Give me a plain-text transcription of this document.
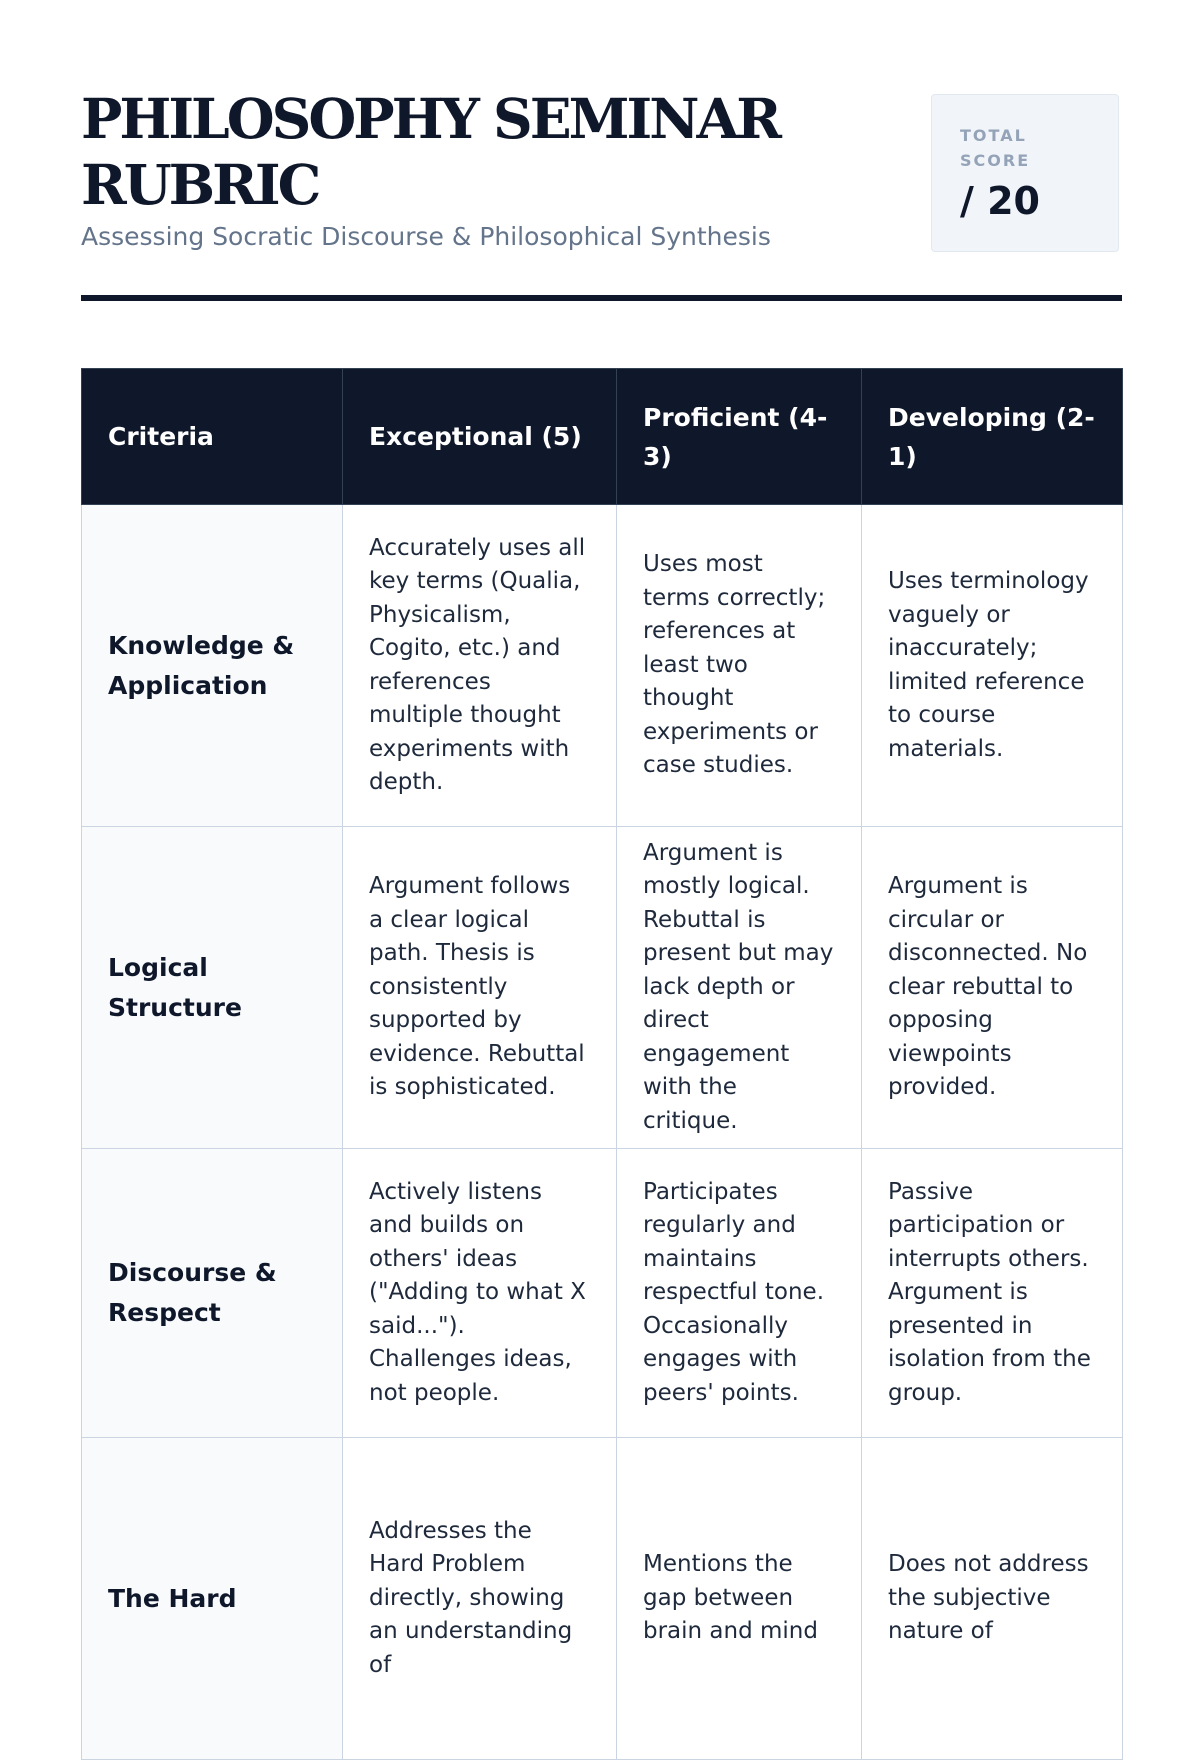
PHILOSOPHY SEMINAR RUBRIC

Assessing Socratic Discourse & Philosophical Synthesis

TOTAL SCORE
/ 20
Criteria	Exceptional (5)	Proficient (4-3)	Developing (2-1)
Knowledge & Application	Accurately uses all key terms (Qualia, Physicalism, Cogito, etc.) and references multiple thought experiments with depth.	Uses most terms correctly; references at least two thought experiments or case studies.	Uses terminology vaguely or inaccurately; limited reference to course materials.
Logical Structure	Argument follows a clear logical path. Thesis is consistently supported by evidence. Rebuttal is sophisticated.	Argument is mostly logical. Rebuttal is present but may lack depth or direct engagement with the critique.	Argument is circular or disconnected. No clear rebuttal to opposing viewpoints provided.
Discourse & Respect	Actively listens and builds on others' ideas ("Adding to what X said..."). Challenges ideas, not people.	Participates regularly and maintains respectful tone. Occasionally engages with peers' points.	Passive participation or interrupts others. Argument is presented in isolation from the group.
The Hard	Addresses the Hard Problem directly, showing an understanding of	Mentions the gap between brain and mind	Does not address the subjective nature of
